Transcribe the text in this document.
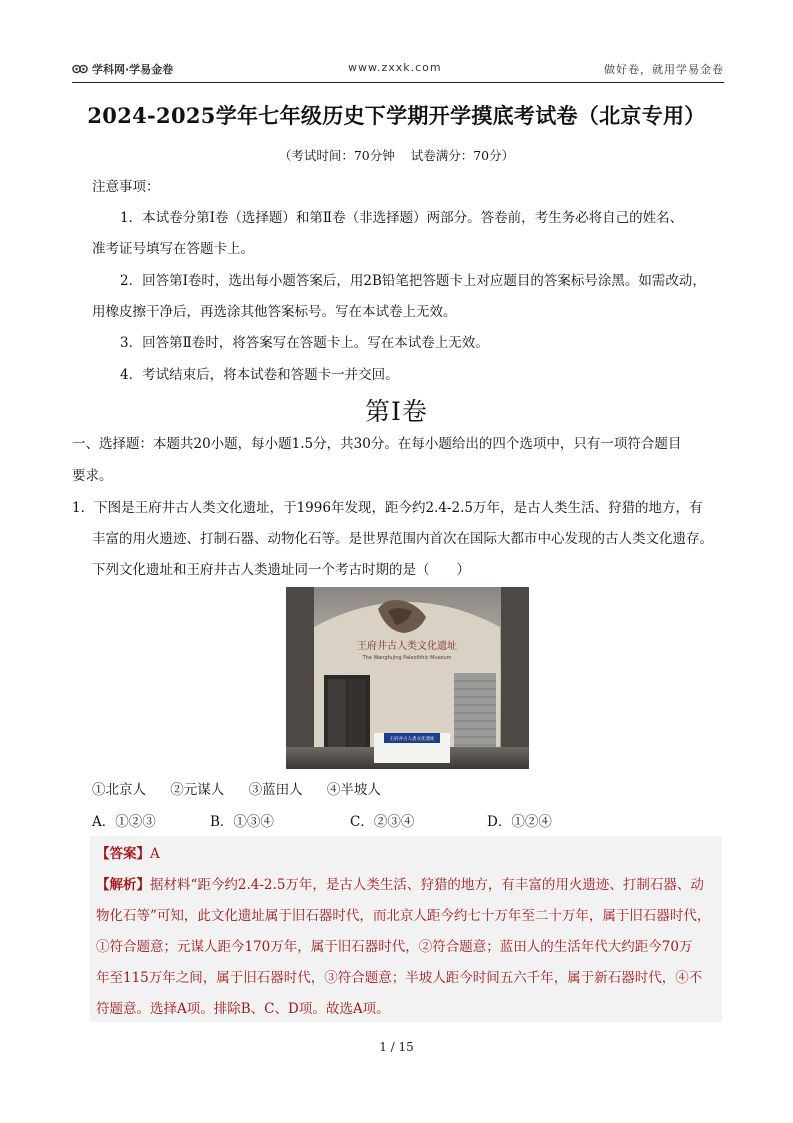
学科网·学易金卷	www.zxxk.com	做好卷，就用学易金卷
2024-2025学年七年级历史下学期开学摸底考试卷（北京专用）
（考试时间：70分钟 试卷满分：70分）
注意事项：
1．本试卷分第Ⅰ卷（选择题）和第Ⅱ卷（非选择题）两部分。答卷前，考生务必将自己的姓名、
准考证号填写在答题卡上。
2．回答第Ⅰ卷时，选出每小题答案后，用2B铅笔把答题卡上对应题目的答案标号涂黑。如需改动，
用橡皮擦干净后，再选涂其他答案标号。写在本试卷上无效。
3．回答第Ⅱ卷时，将答案写在答题卡上。写在本试卷上无效。
4．考试结束后，将本试卷和答题卡一并交回。
第Ⅰ卷
一、选择题：本题共20小题，每小题1.5分，共30分。在每小题给出的四个选项中，只有一项符合题目
要求。
1．下图是王府井古人类文化遗址，于1996年发现，距今约2.4-2.5万年，是古人类生活、狩猎的地方，有
丰富的用火遗迹、打制石器、动物化石等。是世界范围内首次在国际大都市中心发现的古人类文化遗存。
下列文化遗址和王府井古人类遗址同一个考古时期的是（　　）
王府井古人类文化遗址
The Wangfujing Paleolithic Museum
王府井古人类文化遗址
①北京人 ②元谋人 ③蓝田人 ④半坡人
A．①②③	B．①③④	C．②③④	D．①②④
【答案】A
【解析】据材料“距今约2.4-2.5万年，是古人类生活、狩猎的地方，有丰富的用火遗迹、打制石器、动
物化石等”可知，此文化遗址属于旧石器时代，而北京人距今约七十万年至二十万年，属于旧石器时代，
①符合题意；元谋人距今170万年，属于旧石器时代，②符合题意；蓝田人的生活年代大约距今70万
年至115万年之间，属于旧石器时代，③符合题意；半坡人距今时间五六千年，属于新石器时代，④不
符题意。选择A项。排除B、C、D项。故选A项。
1 / 15
